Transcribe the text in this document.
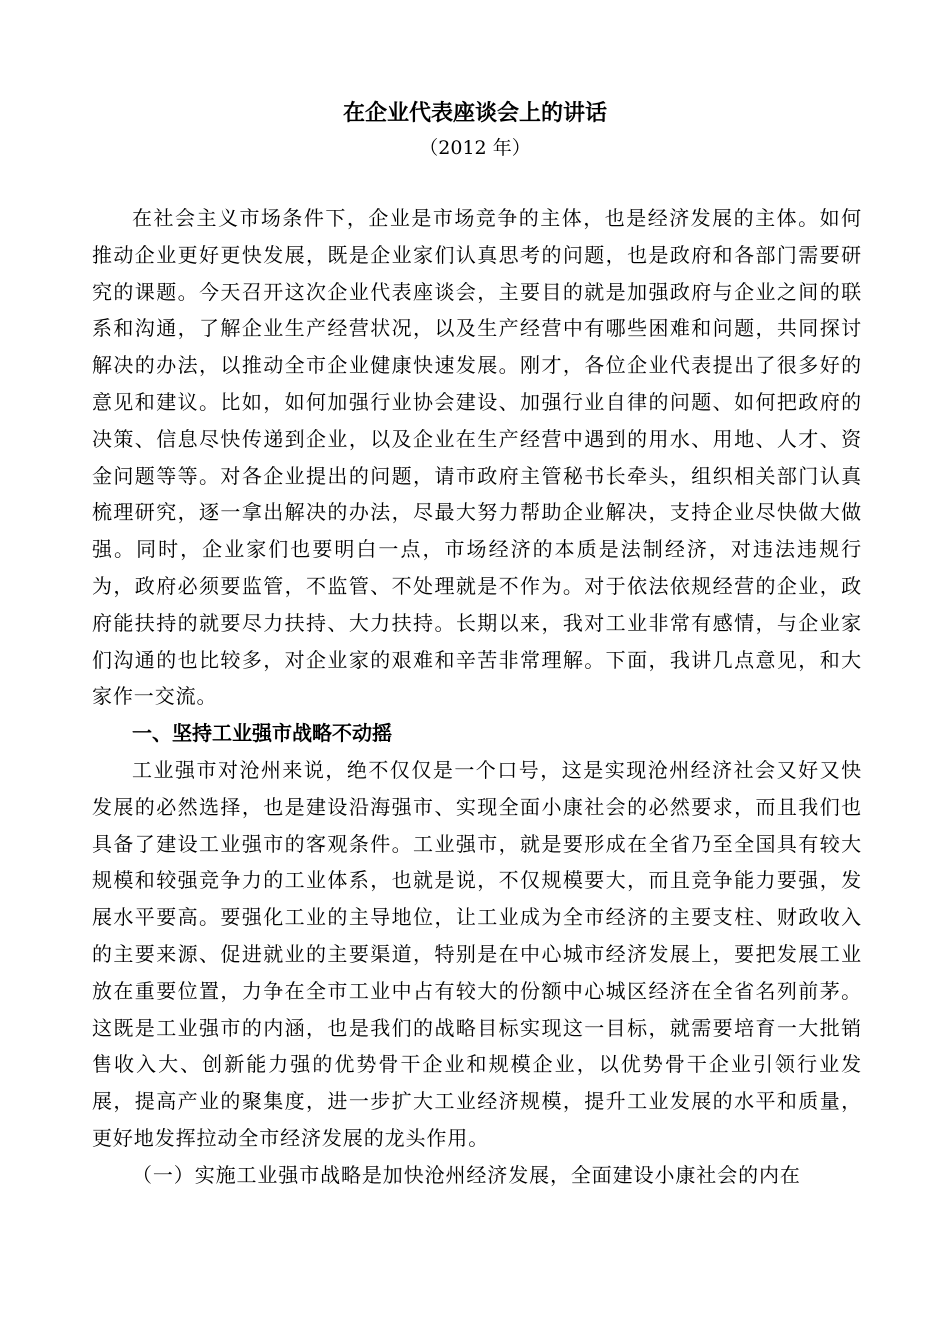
在企业代表座谈会上的讲话
（2012 年）

在社会主义市场条件下，企业是市场竞争的主体，也是经济发展的主体。如何推动企业更好更快发展，既是企业家们认真思考的问题，也是政府和各部门需要研究的课题。今天召开这次企业代表座谈会，主要目的就是加强政府与企业之间的联系和沟通，了解企业生产经营状况，以及生产经营中有哪些困难和问题，共同探讨解决的办法，以推动全市企业健康快速发展。刚才，各位企业代表提出了很多好的意见和建议。比如，如何加强行业协会建设、加强行业自律的问题、如何把政府的决策、信息尽快传递到企业，以及企业在生产经营中遇到的用水、用地、人才、资金问题等等。对各企业提出的问题，请市政府主管秘书长牵头，组织相关部门认真梳理研究，逐一拿出解决的办法，尽最大努力帮助企业解决，支持企业尽快做大做强。同时，企业家们也要明白一点，市场经济的本质是法制经济，对违法违规行为，政府必须要监管，不监管、不处理就是不作为。对于依法依规经营的企业，政府能扶持的就要尽力扶持、大力扶持。长期以来，我对工业非常有感情，与企业家们沟通的也比较多，对企业家的艰难和辛苦非常理解。下面，我讲几点意见，和大家作一交流。

一、坚持工业强市战略不动摇

工业强市对沧州来说，绝不仅仅是一个口号，这是实现沧州经济社会又好又快发展的必然选择，也是建设沿海强市、实现全面小康社会的必然要求，而且我们也具备了建设工业强市的客观条件。工业强市，就是要形成在全省乃至全国具有较大规模和较强竞争力的工业体系，也就是说，不仅规模要大，而且竞争能力要强，发展水平要高。要强化工业的主导地位，让工业成为全市经济的主要支柱、财政收入的主要来源、促进就业的主要渠道，特别是在中心城市经济发展上，要把发展工业放在重要位置，力争在全市工业中占有较大的份额中心城区经济在全省名列前茅。这既是工业强市的内涵，也是我们的战略目标实现这一目标，就需要培育一大批销售收入大、创新能力强的优势骨干企业和规模企业，以优势骨干企业引领行业发展，提高产业的聚集度，进一步扩大工业经济规模，提升工业发展的水平和质量，更好地发挥拉动全市经济发展的龙头作用。

（一）实施工业强市战略是加快沧州经济发展，全面建设小康社会的内在
